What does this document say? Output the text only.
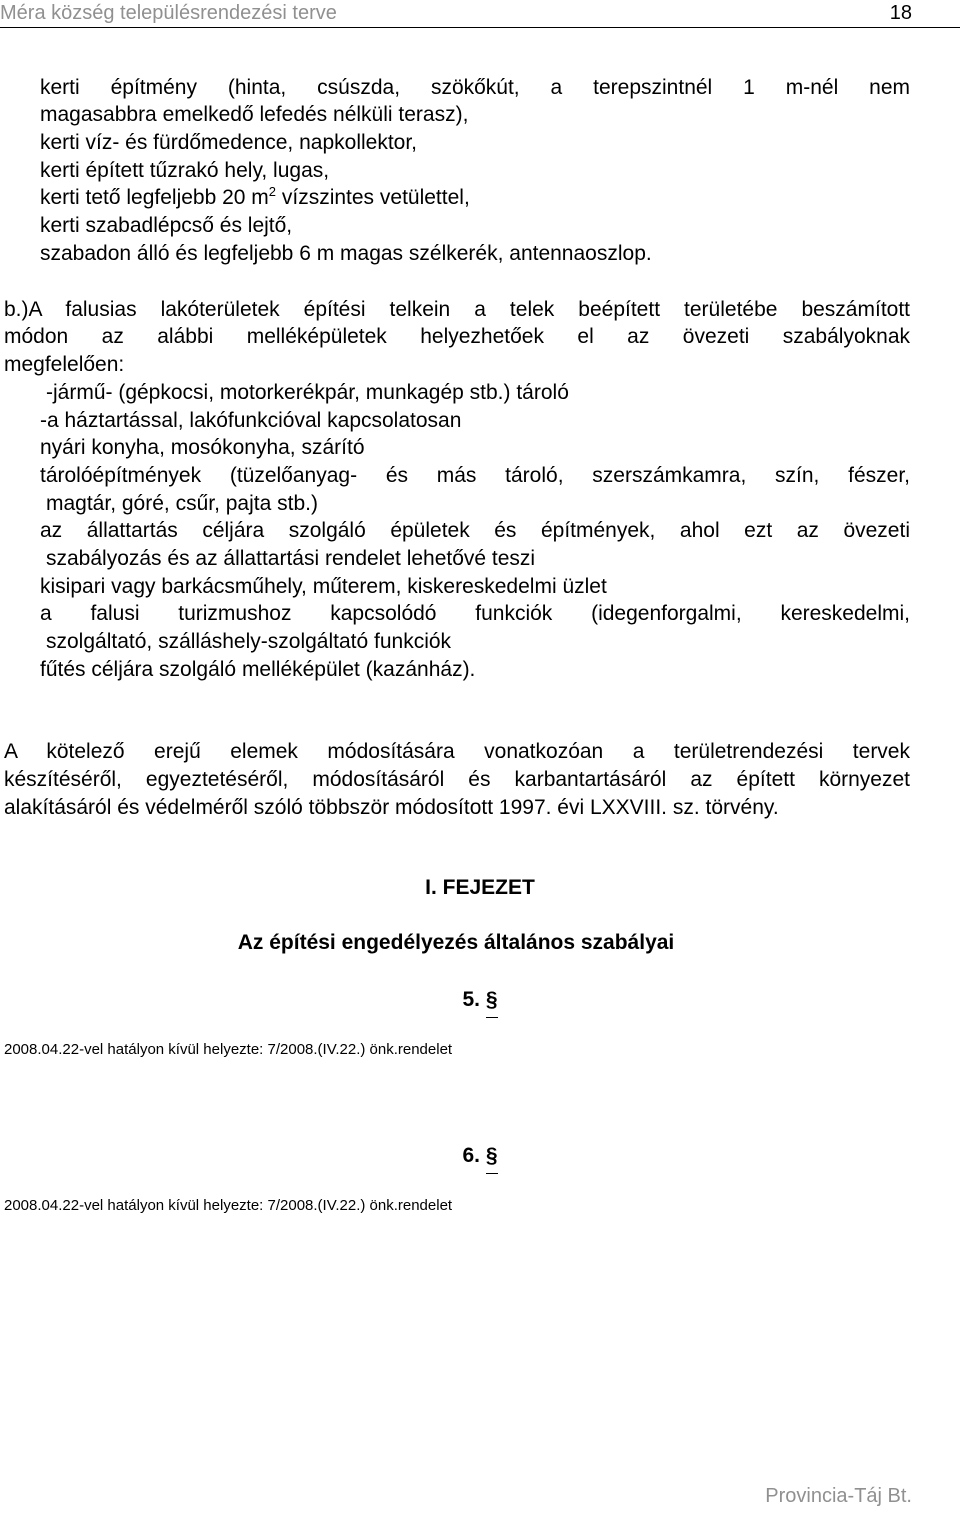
Méra község településrendezési terve	18
kerti építmény (hinta, csúszda, szökőkút, a terepszintnél 1 m-nél nem
magasabbra emelkedő lefedés nélküli terasz),
kerti víz- és fürdőmedence, napkollektor,
kerti épített tűzrakó hely, lugas,
kerti tető legfeljebb 20 $m^2$ vízszintes vetülettel,
kerti szabadlépcső és lejtő,
szabadon álló és legfeljebb 6 m magas szélkerék, antennaoszlop.
b.)A falusias lakóterületek építési telkein a telek beépített területébe beszámított
módon az alábbi melléképületek helyezhetőek el az övezeti szabályoknak
megfelelően:
-jármű- (gépkocsi, motorkerékpár, munkagép stb.) tároló
-a háztartással, lakófunkcióval kapcsolatosan
nyári konyha, mosókonyha, szárító
tárolóépítmények (tüzelőanyag- és más tároló, szerszámkamra, szín, fészer,
magtár, góré, csűr, pajta stb.)
az állattartás céljára szolgáló épületek és építmények, ahol ezt az övezeti
szabályozás és az állattartási rendelet lehetővé teszi
kisipari vagy barkácsműhely, műterem, kiskereskedelmi üzlet
a falusi turizmushoz kapcsolódó funkciók (idegenforgalmi, kereskedelmi,
szolgáltató, szálláshely-szolgáltató funkciók
fűtés céljára szolgáló melléképület (kazánház).
A kötelező erejű elemek módosítására vonatkozóan a területrendezési tervek
készítéséről, egyeztetéséről, módosításáról és karbantartásáról az épített környezet
alakításáról és védelméről szóló többször módosított 1997. évi LXXVIII. sz. törvény.
I. FEJEZET
Az építési engedélyezés általános szabályai
5. §
2008.04.22-vel hatályon kívül helyezte: 7/2008.(IV.22.) önk.rendelet
6. §
2008.04.22-vel hatályon kívül helyezte: 7/2008.(IV.22.) önk.rendelet
Provincia-Táj Bt.
